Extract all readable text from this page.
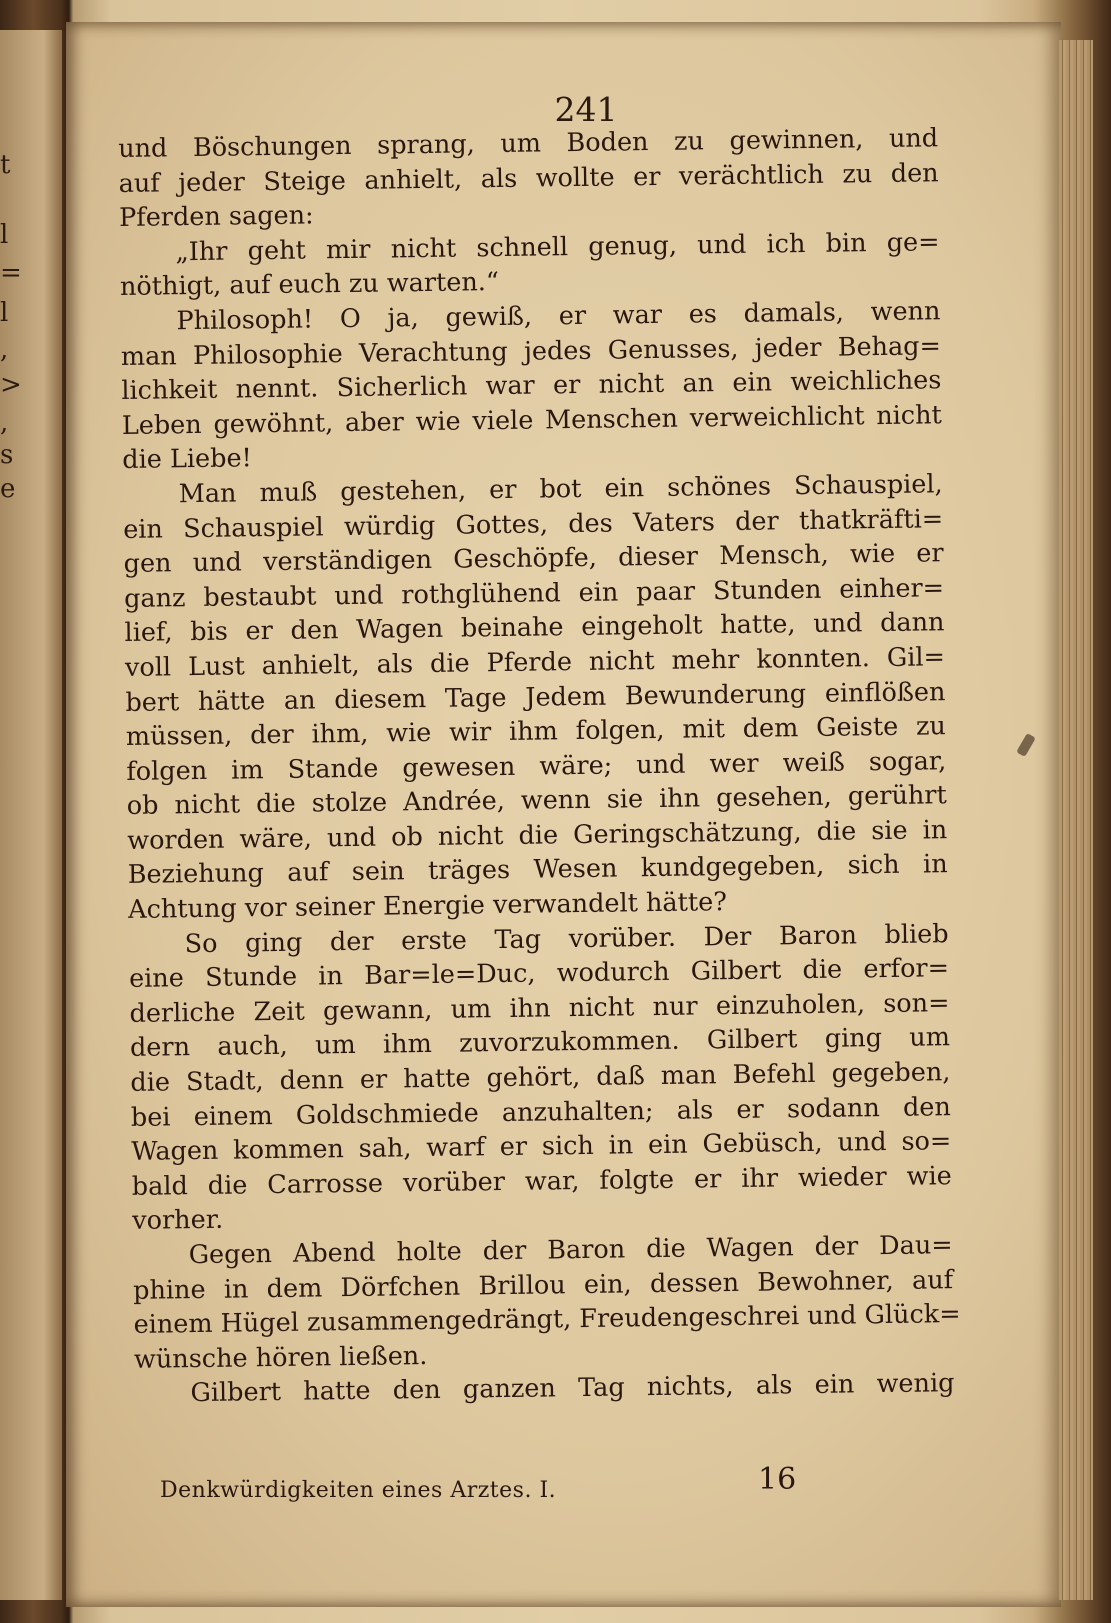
t
l
=
l
,
>
,
s
e
241
und Böschungen sprang, um Boden zu gewinnen, und
auf jeder Steige anhielt, als wollte er verächtlich zu den
Pferden sagen:
„Ihr geht mir nicht schnell genug, und ich bin ge=
nöthigt, auf euch zu warten.“
Philosoph! O ja, gewiß, er war es damals, wenn
man Philosophie Verachtung jedes Genusses, jeder Behag=
lichkeit nennt. Sicherlich war er nicht an ein weichliches
Leben gewöhnt, aber wie viele Menschen verweichlicht nicht
die Liebe!
Man muß gestehen, er bot ein schönes Schauspiel,
ein Schauspiel würdig Gottes, des Vaters der thatkräfti=
gen und verständigen Geschöpfe, dieser Mensch, wie er
ganz bestaubt und rothglühend ein paar Stunden einher=
lief, bis er den Wagen beinahe eingeholt hatte, und dann
voll Lust anhielt, als die Pferde nicht mehr konnten. Gil=
bert hätte an diesem Tage Jedem Bewunderung einflößen
müssen, der ihm, wie wir ihm folgen, mit dem Geiste zu
folgen im Stande gewesen wäre; und wer weiß sogar,
ob nicht die stolze Andrée, wenn sie ihn gesehen, gerührt
worden wäre, und ob nicht die Geringschätzung, die sie in
Beziehung auf sein träges Wesen kundgegeben, sich in
Achtung vor seiner Energie verwandelt hätte?
So ging der erste Tag vorüber. Der Baron blieb
eine Stunde in Bar=le=Duc, wodurch Gilbert die erfor=
derliche Zeit gewann, um ihn nicht nur einzuholen, son=
dern auch, um ihm zuvorzukommen. Gilbert ging um
die Stadt, denn er hatte gehört, daß man Befehl gegeben,
bei einem Goldschmiede anzuhalten; als er sodann den
Wagen kommen sah, warf er sich in ein Gebüsch, und so=
bald die Carrosse vorüber war, folgte er ihr wieder wie
vorher.
Gegen Abend holte der Baron die Wagen der Dau=
phine in dem Dörfchen Brillou ein, dessen Bewohner, auf
einem Hügel zusammengedrängt, Freudengeschrei und Glück=
wünsche hören ließen.
Gilbert hatte den ganzen Tag nichts, als ein wenig
Denkwürdigkeiten eines Arztes. I.	16
